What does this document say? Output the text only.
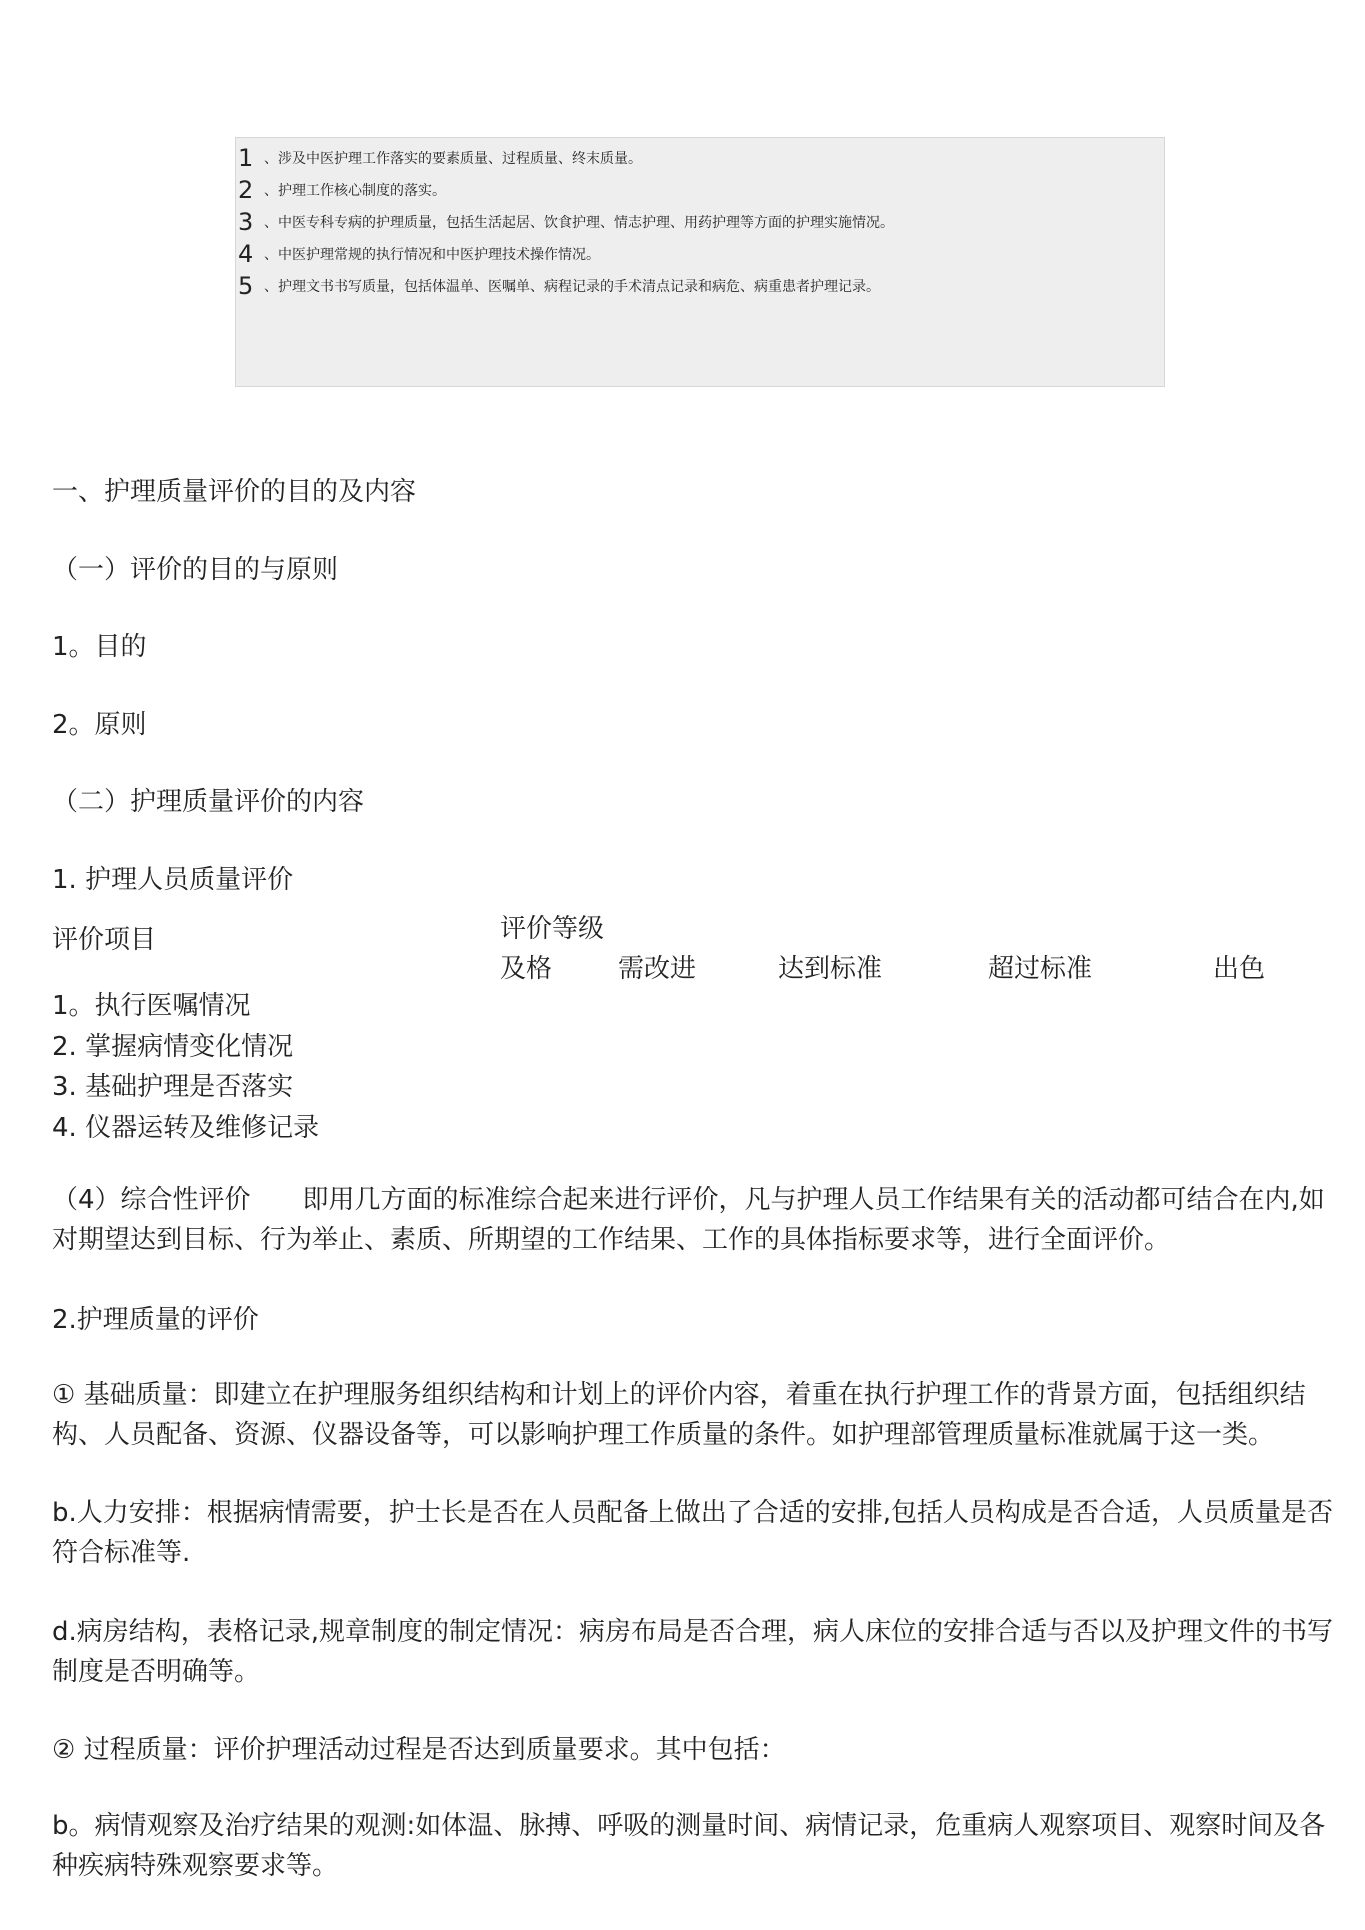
1 、涉及中医护理工作落实的要素质量、过程质量、终末质量。
2 、护理工作核心制度的落实。
3 、中医专科专病的护理质量，包括生活起居、饮食护理、情志护理、用药护理等方面的护理实施情况。
4 、中医护理常规的执行情况和中医护理技术操作情况。
5 、护理文书书写质量，包括体温单、医嘱单、病程记录的手术清点记录和病危、病重患者护理记录。
一、护理质量评价的目的及内容
（一）评价的目的与原则
1。目的
2。原则
（二）护理质量评价的内容
1. 护理人员质量评价
评价项目	评价等级
及格	需改进	达到标准	超过标准	出色
1。执行医嘱情况
2. 掌握病情变化情况
3. 基础护理是否落实
4. 仪器运转及维修记录
（4）综合性评价　　即用几方面的标准综合起来进行评价，凡与护理人员工作结果有关的活动都可结合在内,如对期望达到目标、行为举止、素质、所期望的工作结果、工作的具体指标要求等，进行全面评价。
2.护理质量的评价
① 基础质量：即建立在护理服务组织结构和计划上的评价内容，着重在执行护理工作的背景方面，包括组织结构、人员配备、资源、仪器设备等，可以影响护理工作质量的条件。如护理部管理质量标准就属于这一类。
b.人力安排：根据病情需要，护士长是否在人员配备上做出了合适的安排,包括人员构成是否合适，人员质量是否符合标准等.
d.病房结构，表格记录,规章制度的制定情况：病房布局是否合理，病人床位的安排合适与否以及护理文件的书写制度是否明确等。
② 过程质量：评价护理活动过程是否达到质量要求。其中包括：
b。病情观察及治疗结果的观测:如体温、脉搏、呼吸的测量时间、病情记录，危重病人观察项目、观察时间及各种疾病特殊观察要求等。
